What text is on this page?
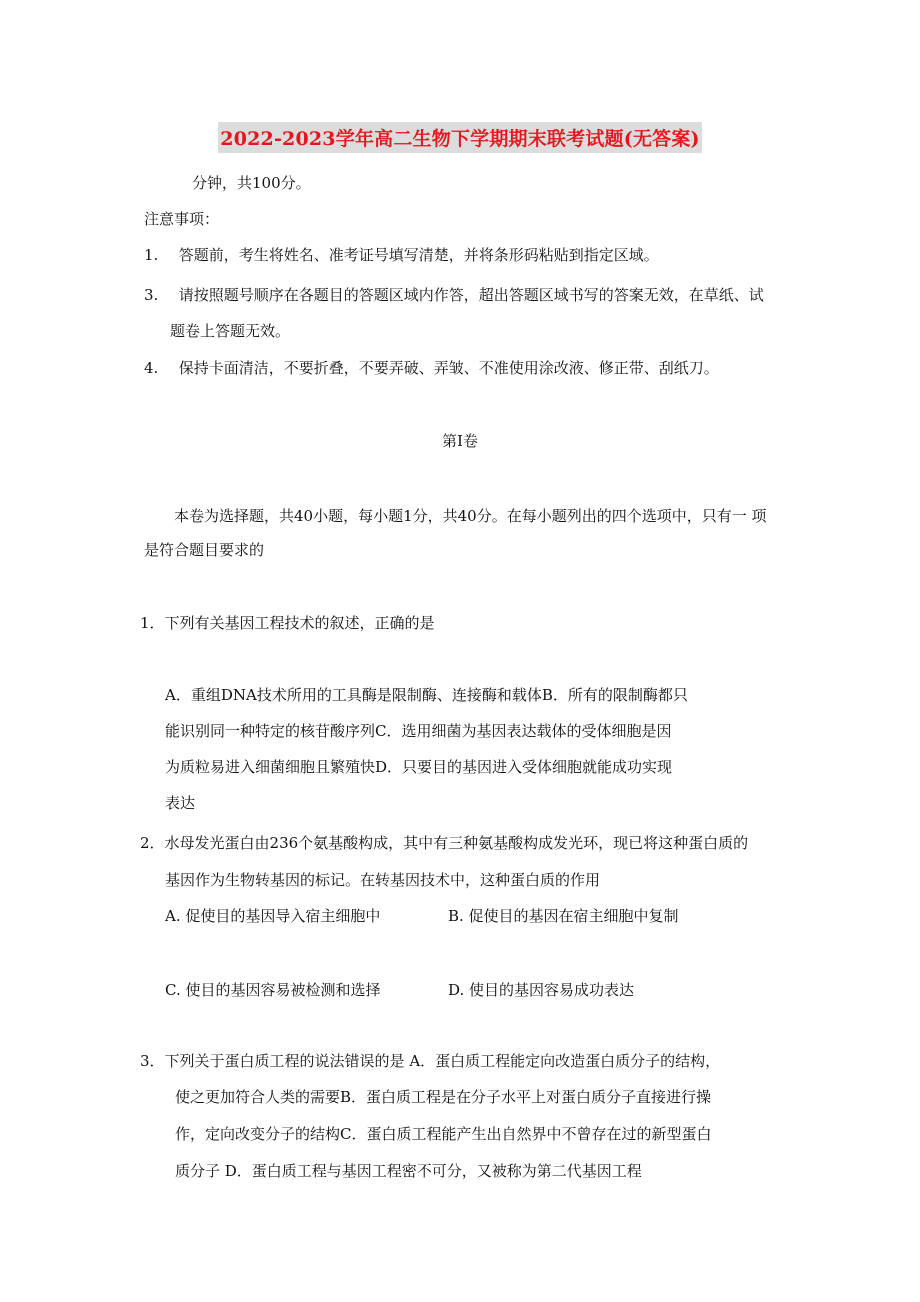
2022-2023学年高二生物下学期期末联考试题(无答案)
分钟，共100分。
注意事项：
1. 答题前，考生将姓名、准考证号填写清楚，并将条形码粘贴到指定区域。
3. 请按照题号顺序在各题目的答题区域内作答，超出答题区域书写的答案无效，在草纸、试
题卷上答题无效。
4. 保持卡面清洁，不要折叠，不要弄破、弄皱、不准使用涂改液、修正带、刮纸刀。
第I卷
本卷为选择题，共40小题，每小题1分，共40分。在每小题列出的四个选项中，只有一 项
是符合题目要求的
1．下列有关基因工程技术的叙述，正确的是
A．重组DNA技术所用的工具酶是限制酶、连接酶和载体B．所有的限制酶都只
能识别同一种特定的核苷酸序列C．选用细菌为基因表达载体的受体细胞是因
为质粒易进入细菌细胞且繁殖快D．只要目的基因进入受体细胞就能成功实现
表达
2．水母发光蛋白由236个氨基酸构成，其中有三种氨基酸构成发光环，现已将这种蛋白质的
基因作为生物转基因的标记。在转基因技术中，这种蛋白质的作用
A. 促使目的基因导入宿主细胞中	B. 促使目的基因在宿主细胞中复制
C. 使目的基因容易被检测和选择	D. 使目的基因容易成功表达
3．下列关于蛋白质工程的说法错误的是 A．蛋白质工程能定向改造蛋白质分子的结构，
使之更加符合人类的需要B．蛋白质工程是在分子水平上对蛋白质分子直接进行操
作，定向改变分子的结构C．蛋白质工程能产生出自然界中不曾存在过的新型蛋白
质分子 D．蛋白质工程与基因工程密不可分，又被称为第二代基因工程
